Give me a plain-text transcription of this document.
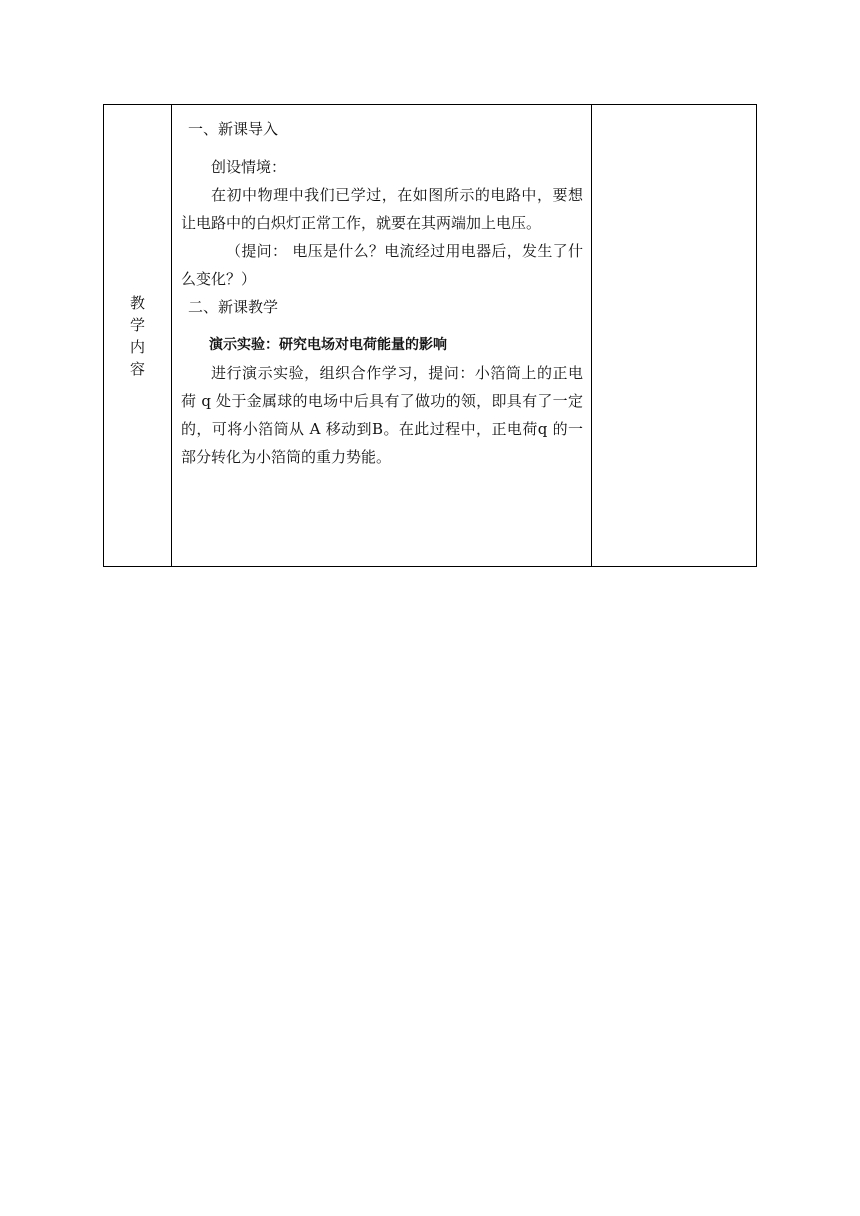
教学内容	

一、新课导入

创设情境：

在初中物理中我们已学过，在如图所示的电路中，要想让电路中的白炽灯正常工作，就要在其两端加上电压。

（提问： 电压是什么？电流经过用电器后，发生了什么变化？）

二、新课教学

演示实验：研究电场对电荷能量的影响

进行演示实验，组织合作学习，提问：小箔筒上的正电荷 q 处于金属球的电场中后具有了做功的领，即具有了一定的，可将小箔筒从 A 移动到B。在此过程中，正电荷q 的一部分转化为小箔筒的重力势能。
